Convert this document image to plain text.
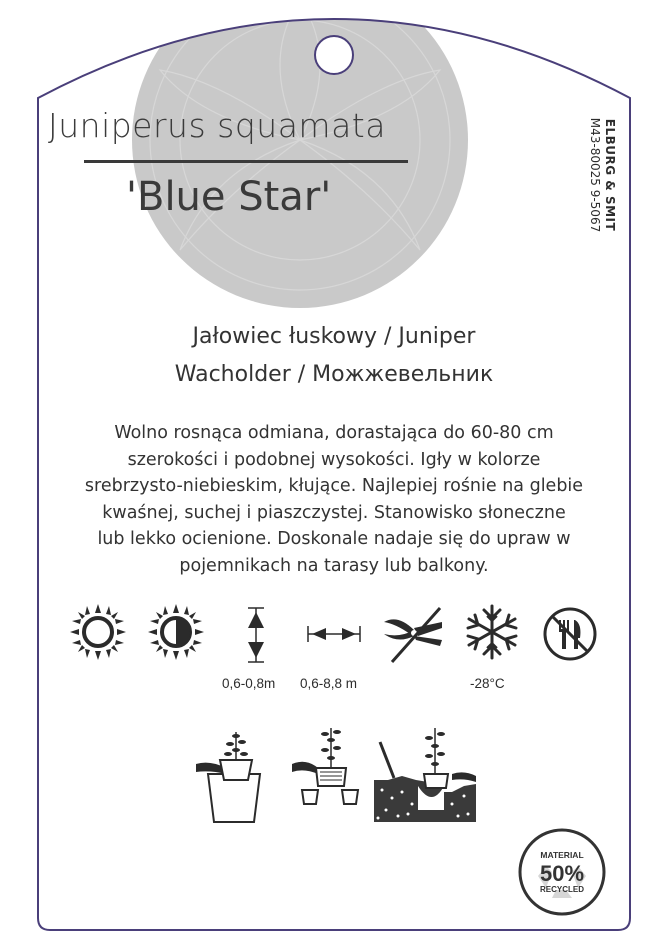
Juniperus squamata
'Blue Star'	ELBURG & SMIT
M43-80025 9-5067
Jałowiec łuskowy / Juniper
Wacholder / Можжевельник
Wolno rosnąca odmiana, dorastająca do 60-80 cm
szerokości i podobnej wysokości. Igły w kolorze
srebrzysto-niebieskim, kłujące. Najlepiej rośnie na glebie
kwaśnej, suchej i piaszczystej. Stanowisko słoneczne
lub lekko ocienione. Doskonale nadaje się do upraw w
pojemnikach na tarasy lub balkony.
0,6-0,8m 0,6-8,8 m	-28°C
MATERIAL
50%
RECYCLED
